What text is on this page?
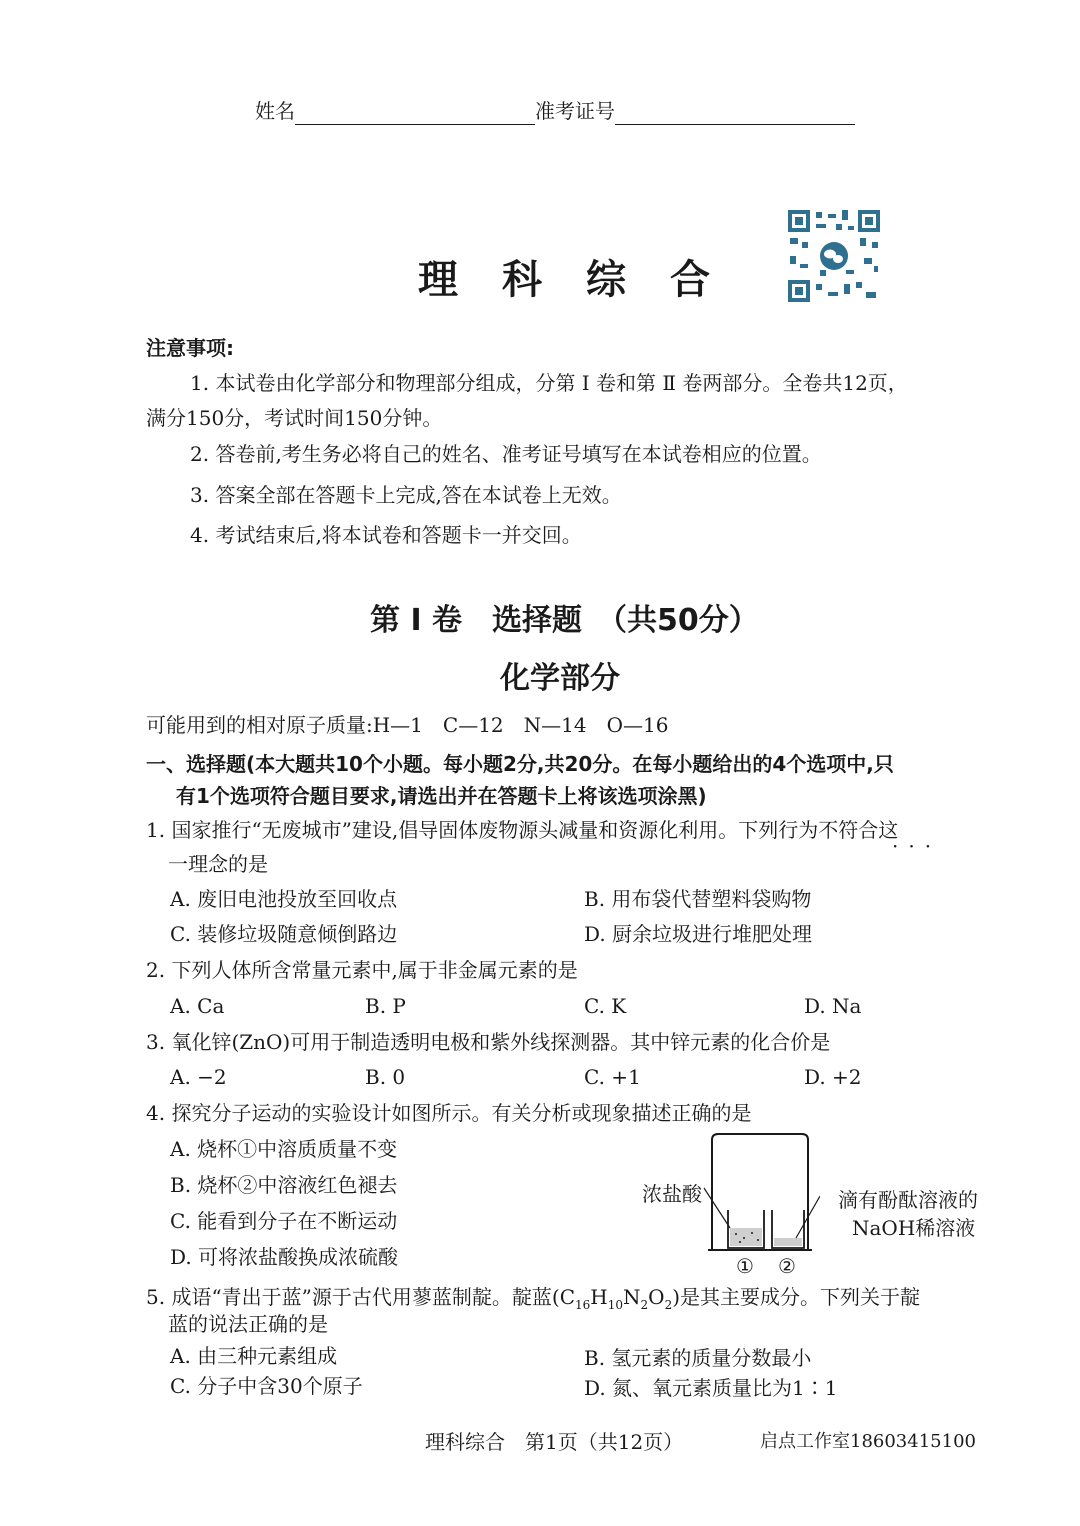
姓名	准考证号
理科综合
注意事项:
1. 本试卷由化学部分和物理部分组成，分第 Ⅰ 卷和第 Ⅱ 卷两部分。全卷共12页，
满分150分，考试时间150分钟。
2. 答卷前,考生务必将自己的姓名、准考证号填写在本试卷相应的位置。
3. 答案全部在答题卡上完成,答在本试卷上无效。
4. 考试结束后,将本试卷和答题卡一并交回。
第 Ⅰ 卷　选择题　（共50分）
化学部分
可能用到的相对原子质量:H—1　C—12　N—14　O—16
一、选择题(本大题共10个小题。每小题2分,共20分。在每小题给出的4个选项中,只
有1个选项符合题目要求,请选出并在答题卡上将该选项涂黑)
1. 国家推行“无废城市”建设,倡导固体废物源头减量和资源化利用。下列行为不符合这
···
一理念的是
A. 废旧电池投放至回收点	B. 用布袋代替塑料袋购物
C. 装修垃圾随意倾倒路边	D. 厨余垃圾进行堆肥处理
2. 下列人体所含常量元素中,属于非金属元素的是
A. Ca	B. P	C. K	D. Na
3. 氧化锌(ZnO)可用于制造透明电极和紫外线探测器。其中锌元素的化合价是
A. −2	B. 0	C. +1	D. +2
4. 探究分子运动的实验设计如图所示。有关分析或现象描述正确的是
A. 烧杯①中溶质质量不变
B. 烧杯②中溶液红色褪去
C. 能看到分子在不断运动
D. 可将浓盐酸换成浓硫酸
浓盐酸	滴有酚酞溶液的
NaOH稀溶液
① ②
5. 成语“青出于蓝”源于古代用蓼蓝制靛。靛蓝$(C_{16}H_{10}N_2O_2)$是其主要成分。下列关于靛
蓝的说法正确的是
A. 由三种元素组成	B. 氢元素的质量分数最小
C. 分子中含30个原子	D. 氮、氧元素质量比为1∶1
理科综合　第1页（共12页）	启点工作室18603415100
